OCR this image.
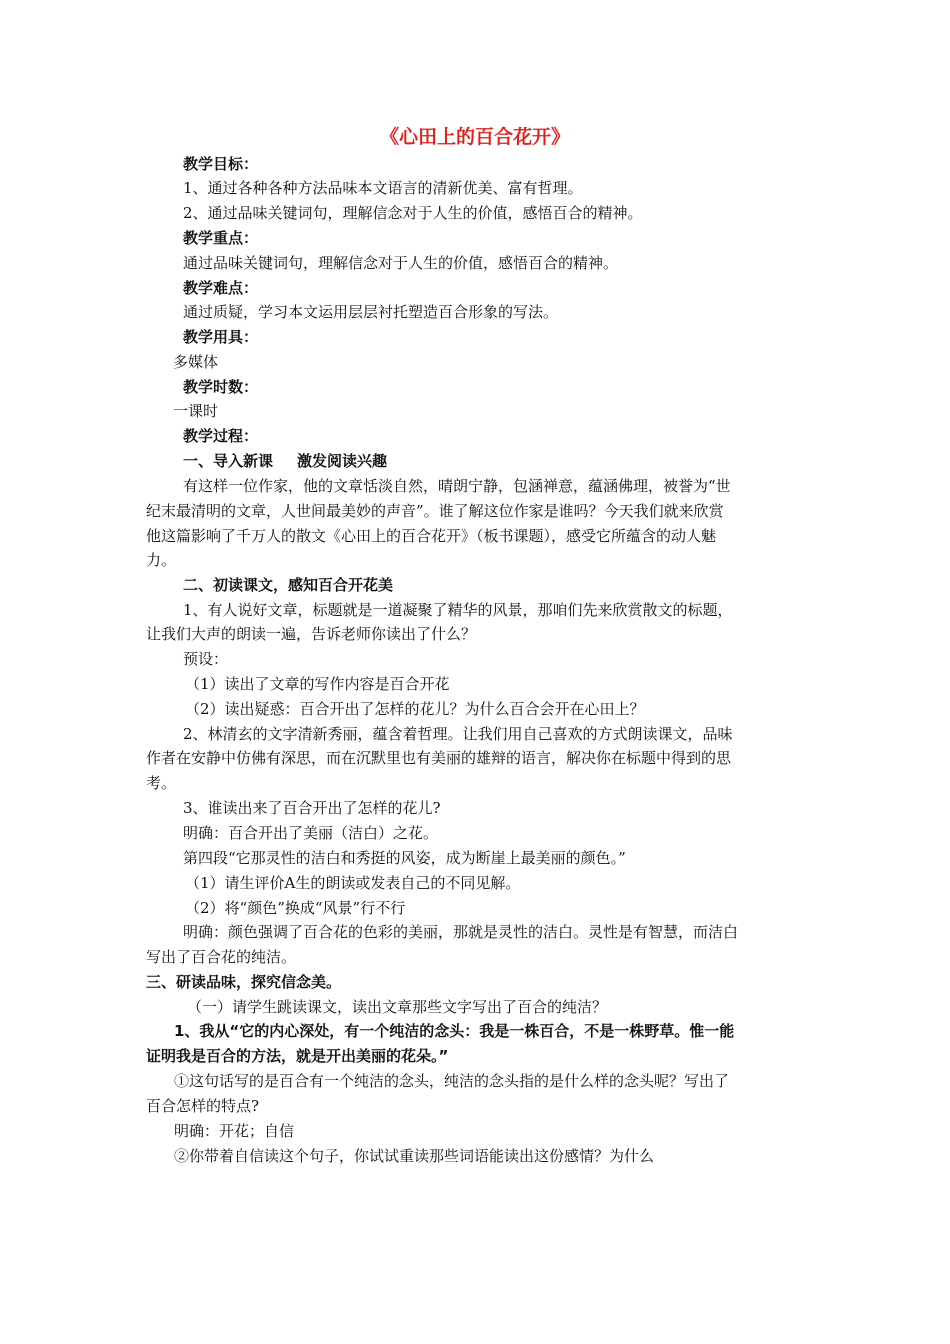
《心田上的百合花开》

教学目标：

1、通过各种各种方法品味本文语言的清新优美、富有哲理。

2、通过品味关键词句，理解信念对于人生的价值，感悟百合的精神。

教学重点：

通过品味关键词句，理解信念对于人生的价值，感悟百合的精神。

教学难点：

通过质疑，学习本文运用层层衬托塑造百合形象的写法。

教学用具：

多媒体

教学时数：

一课时

教学过程：

一、导入新课 激发阅读兴趣

有这样一位作家，他的文章恬淡自然，晴朗宁静，包涵禅意，蕴涵佛理，被誉为“世

纪末最清明的文章，人世间最美妙的声音”。谁了解这位作家是谁吗？今天我们就来欣赏

他这篇影响了千万人的散文《心田上的百合花开》（板书课题），感受它所蕴含的动人魅

力。

二、初读课文，感知百合开花美

1、有人说好文章，标题就是一道凝聚了精华的风景，那咱们先来欣赏散文的标题，

让我们大声的朗读一遍，告诉老师你读出了什么？

预设：

（1）读出了文章的写作内容是百合开花

（2）读出疑惑：百合开出了怎样的花儿？为什么百合会开在心田上？

2、林清玄的文字清新秀丽，蕴含着哲理。让我们用自己喜欢的方式朗读课文，品味

作者在安静中仿佛有深思，而在沉默里也有美丽的雄辩的语言，解决你在标题中得到的思

考。

3、谁读出来了百合开出了怎样的花儿?

明确：百合开出了美丽（洁白）之花。

第四段“它那灵性的洁白和秀挺的风姿，成为断崖上最美丽的颜色。”

（1）请生评价A生的朗读或发表自己的不同见解。

（2）将“颜色”换成“风景”行不行

明确：颜色强调了百合花的色彩的美丽，那就是灵性的洁白。灵性是有智慧，而洁白

写出了百合花的纯洁。

三、研读品味，探究信念美。

（一）请学生跳读课文，读出文章那些文字写出了百合的纯洁？

1、我从“它的内心深处，有一个纯洁的念头：我是一株百合，不是一株野草。惟一能

证明我是百合的方法，就是开出美丽的花朵。”

①这句话写的是百合有一个纯洁的念头，纯洁的念头指的是什么样的念头呢？写出了

百合怎样的特点?

明确：开花；自信

②你带着自信读这个句子，你试试重读那些词语能读出这份感情？为什么
